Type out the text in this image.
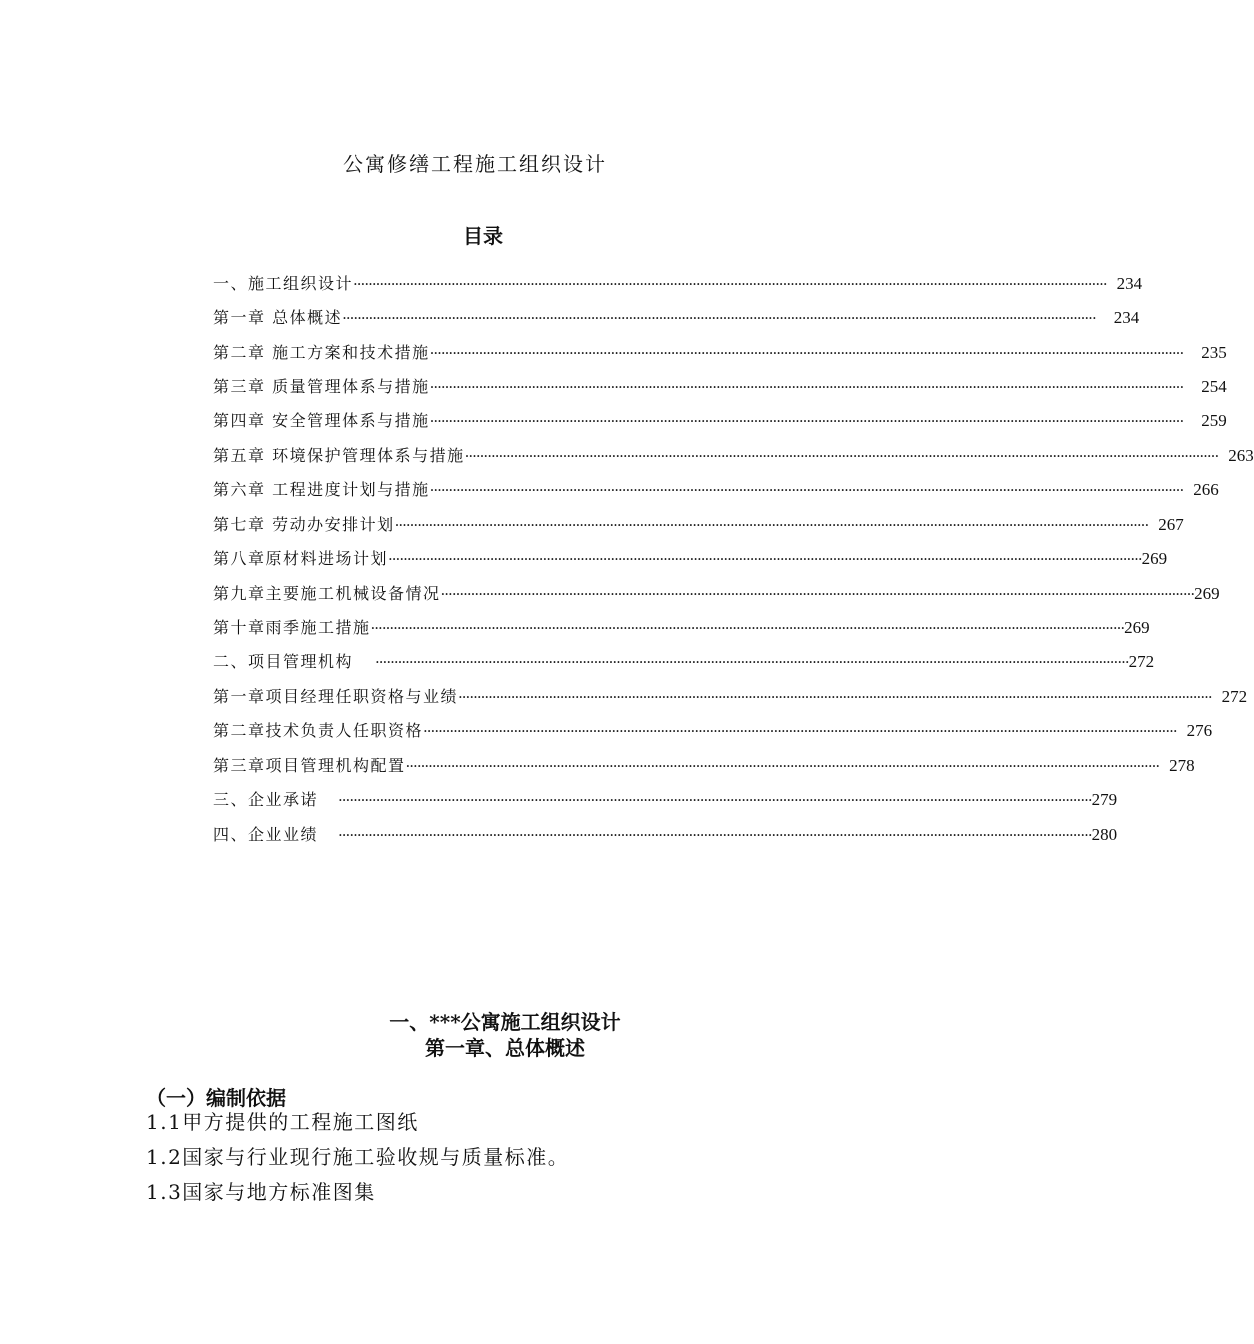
公寓修缮工程施工组织设计
目录
一、施工组织设计 ········································································································································································································ 234
第一章 总体概述 ········································································································································································································ 234
第二章 施工方案和技术措施 ········································································································································································································ 235
第三章 质量管理体系与措施 ········································································································································································································ 254
第四章 安全管理体系与措施 ········································································································································································································ 259
第五章 环境保护管理体系与措施 ········································································································································································································ 263
第六章 工程进度计划与措施 ········································································································································································································ 266
第七章 劳动办安排计划 ········································································································································································································ 267
第八章原材料进场计划 ········································································································································································································ 269
第九章主要施工机械设备情况 ········································································································································································································ 269
第十章雨季施工措施 ········································································································································································································ 269
二、项目管理机构 ········································································································································································································ 272
第一章项目经理任职资格与业绩 ········································································································································································································ 272
第二章技术负责人任职资格 ········································································································································································································ 276
第三章项目管理机构配置 ········································································································································································································ 278
三、企业承诺 ········································································································································································································ 279
四、企业业绩 ········································································································································································································ 280
一、***公寓施工组织设计
第一章、总体概述
（一）编制依据
1.1甲方提供的工程施工图纸
1.2国家与行业现行施工验收规与质量标准。
1.3国家与地方标准图集
